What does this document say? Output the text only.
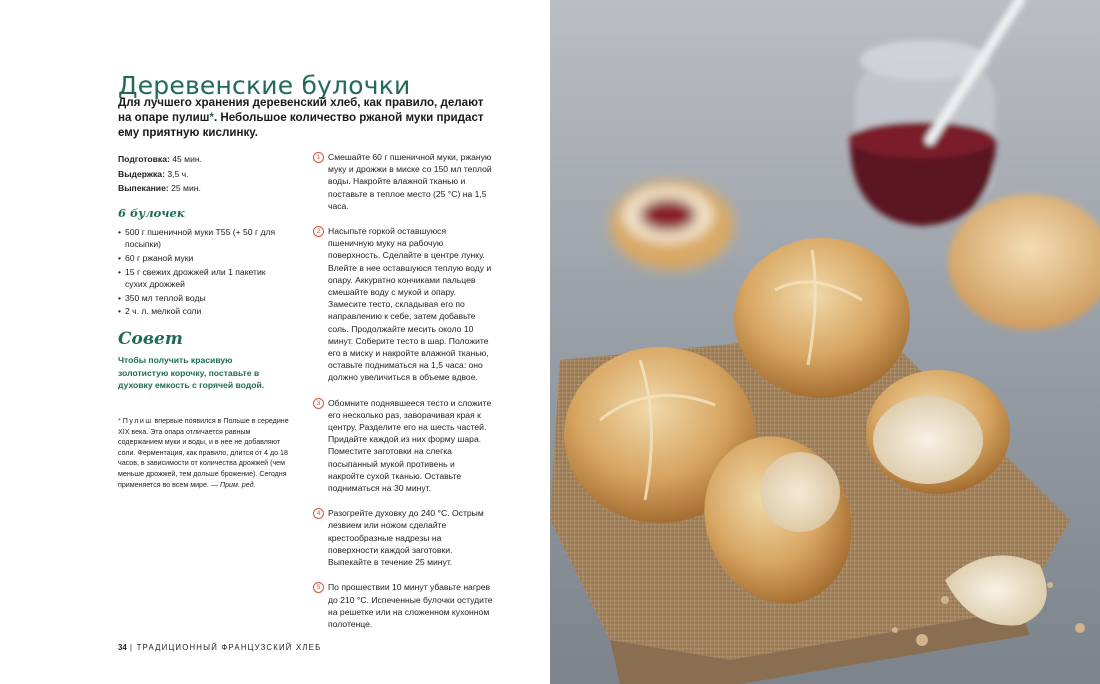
Деревенские булочки

Для лучшего хранения деревенский хлеб, как правило, делают на опаре пулиш*. Небольшое количество ржаной муки придаст ему приятную кислинку.

Подготовка: 45 мин.
Выдержка: 3,5 ч.
Выпекание: 25 мин.
6 булочек
• 500 г пшеничной муки Т55 (+ 50 г для посыпки)
• 60 г ржаной муки
• 15 г свежих дрожжей или 1 пакетик сухих дрожжей
• 350 мл теплой воды
• 2 ч. л. мелкой соли
Совет
Чтобы получить красивую золотистую корочку, поставьте в духовку емкость с горячей водой.
* Пулиш впервые появился в Польше в середине XIX века. Эта опара отличается равным содержанием муки и воды, и в нее не добавляют соли. Ферментация, как правило, длится от 4 до 18 часов, в зависимости от количества дрожжей (чем меньше дрожжей, тем дольше брожение). Сегодня применяется во всем мире. — Прим. ред.
1 Смешайте 60 г пшеничной муки, ржаную муку и дрожжи в миске со 150 мл теплой воды. Накройте влажной тканью и поставьте в теплое место (25 °C) на 1,5 часа.
2 Насыпьте горкой оставшуюся пшеничную муку на рабочую поверхность. Сделайте в центре лунку. Влейте в нее оставшуюся теплую воду и опару. Аккуратно кончиками пальцев смешайте воду с мукой и опару. Замесите тесто, складывая его по направлению к себе, затем добавьте соль. Продолжайте месить около 10 минут. Соберите тесто в шар. Положите его в миску и накройте влажной тканью, оставьте подниматься на 1,5 часа: оно должно увеличиться в объеме вдвое.
3 Обомните поднявшееся тесто и сложите его несколько раз, заворачивая края к центру. Разделите его на шесть частей. Придайте каждой из них форму шара. Поместите заготовки на слегка посыпанный мукой противень и накройте сухой тканью. Оставьте подниматься на 30 минут.
4 Разогрейте духовку до 240 °C. Острым лезвием или ножом сделайте крестообразные надрезы на поверхности каждой заготовки. Выпекайте в течение 25 минут.
5 По прошествии 10 минут убавьте нагрев до 210 °C. Испеченные булочки остудите на решетке или на сложенном кухонном полотенце.
34 | ТРАДИЦИОННЫЙ ФРАНЦУЗСКИЙ ХЛЕБ
